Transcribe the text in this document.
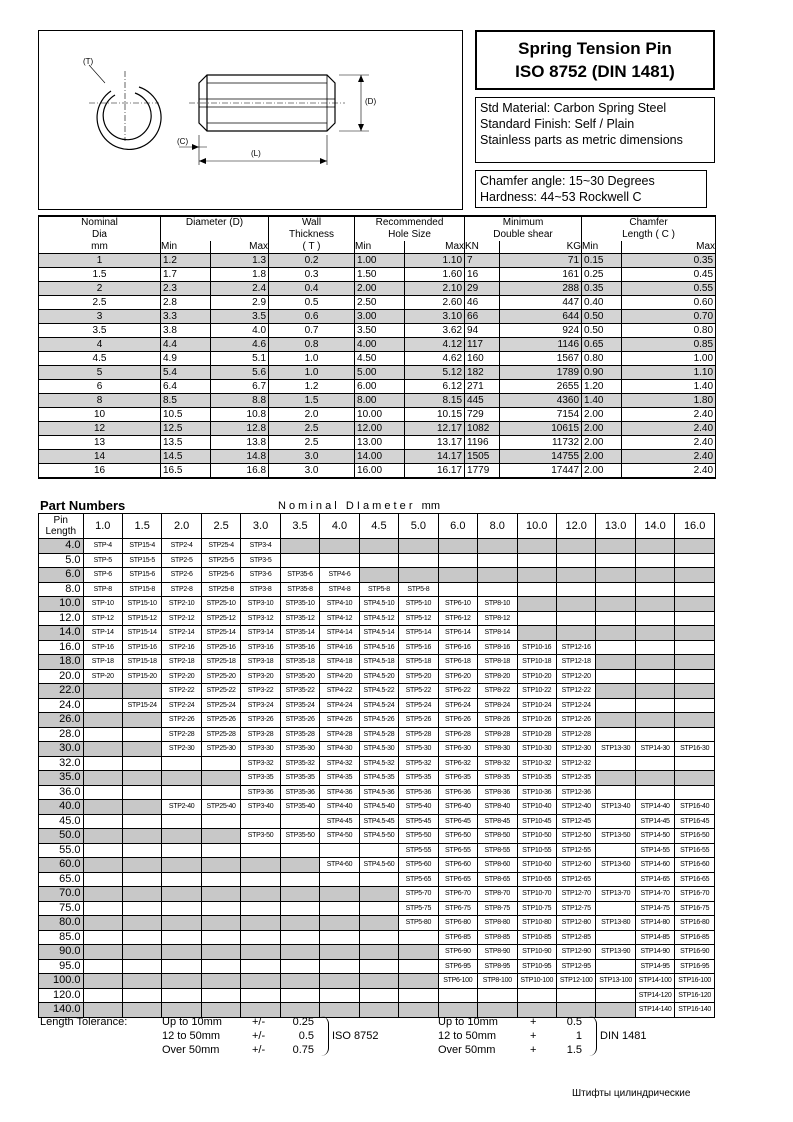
(T)
(C)
(L)
(D)
Spring Tension Pin
ISO 8752 (DIN 1481)
Std Material: Carbon Spring Steel
Standard Finish: Self / Plain
Stainless parts as metric dimensions
Chamfer angle: 15~30 Degrees
Hardness: 44~53 Rockwell C
Nominal	Diameter (D)		Wall	Recommended		Minimum		Chamfer	
Dia			Thickness	Hole Size		Double shear		Length ( C )	
mm	Min	Max	( T )	Min	Max	KN	KG	Min	Max
1	1.2	1.3	0.2	1.00	1.10	7	71	0.15	0.35
1.5	1.7	1.8	0.3	1.50	1.60	16	161	0.25	0.45
2	2.3	2.4	0.4	2.00	2.10	29	288	0.35	0.55
2.5	2.8	2.9	0.5	2.50	2.60	46	447	0.40	0.60
3	3.3	3.5	0.6	3.00	3.10	66	644	0.50	0.70
3.5	3.8	4.0	0.7	3.50	3.62	94	924	0.50	0.80
4	4.4	4.6	0.8	4.00	4.12	117	1146	0.65	0.85
4.5	4.9	5.1	1.0	4.50	4.62	160	1567	0.80	1.00
5	5.4	5.6	1.0	5.00	5.12	182	1789	0.90	1.10
6	6.4	6.7	1.2	6.00	6.12	271	2655	1.20	1.40
8	8.5	8.8	1.5	8.00	8.15	445	4360	1.40	1.80
10	10.5	10.8	2.0	10.00	10.15	729	7154	2.00	2.40
12	12.5	12.8	2.5	12.00	12.17	1082	10615	2.00	2.40
13	13.5	13.8	2.5	13.00	13.17	1196	11732	2.00	2.40
14	14.5	14.8	3.0	14.00	14.17	1505	14755	2.00	2.40
16	16.5	16.8	3.0	16.00	16.17	1779	17447	2.00	2.40
Part Numbers	N o m i n a l   D I a m e t e r   mm
Pin
Length	1.0	1.5	2.0	2.5	3.0	3.5	4.0	4.5	5.0	6.0	8.0	10.0	12.0	13.0	14.0	16.0
4.0	STP-4	STP15-4	STP2-4	STP25-4	STP3-4											
5.0	STP-5	STP15-5	STP2-5	STP25-5	STP3-5											
6.0	STP-6	STP15-6	STP2-6	STP25-6	STP3-6	STP35-6	STP4-6									
8.0	STP-8	STP15-8	STP2-8	STP25-8	STP3-8	STP35-8	STP4-8	STP5-8	STP5-8							
10.0	STP-10	STP15-10	STP2-10	STP25-10	STP3-10	STP35-10	STP4-10	STP4.5-10	STP5-10	STP6-10	STP8-10					
12.0	STP-12	STP15-12	STP2-12	STP25-12	STP3-12	STP35-12	STP4-12	STP4.5-12	STP5-12	STP6-12	STP8-12					
14.0	STP-14	STP15-14	STP2-14	STP25-14	STP3-14	STP35-14	STP4-14	STP4.5-14	STP5-14	STP6-14	STP8-14					
16.0	STP-16	STP15-16	STP2-16	STP25-16	STP3-16	STP35-16	STP4-16	STP4.5-16	STP5-16	STP6-16	STP8-16	STP10-16	STP12-16			
18.0	STP-18	STP15-18	STP2-18	STP25-18	STP3-18	STP35-18	STP4-18	STP4.5-18	STP5-18	STP6-18	STP8-18	STP10-18	STP12-18			
20.0	STP-20	STP15-20	STP2-20	STP25-20	STP3-20	STP35-20	STP4-20	STP4.5-20	STP5-20	STP6-20	STP8-20	STP10-20	STP12-20			
22.0			STP2-22	STP25-22	STP3-22	STP35-22	STP4-22	STP4.5-22	STP5-22	STP6-22	STP8-22	STP10-22	STP12-22			
24.0		STP15-24	STP2-24	STP25-24	STP3-24	STP35-24	STP4-24	STP4.5-24	STP5-24	STP6-24	STP8-24	STP10-24	STP12-24			
26.0			STP2-26	STP25-26	STP3-26	STP35-26	STP4-26	STP4.5-26	STP5-26	STP6-26	STP8-26	STP10-26	STP12-26			
28.0			STP2-28	STP25-28	STP3-28	STP35-28	STP4-28	STP4.5-28	STP5-28	STP6-28	STP8-28	STP10-28	STP12-28			
30.0			STP2-30	STP25-30	STP3-30	STP35-30	STP4-30	STP4.5-30	STP5-30	STP6-30	STP8-30	STP10-30	STP12-30	STP13-30	STP14-30	STP16-30
32.0					STP3-32	STP35-32	STP4-32	STP4.5-32	STP5-32	STP6-32	STP8-32	STP10-32	STP12-32			
35.0					STP3-35	STP35-35	STP4-35	STP4.5-35	STP5-35	STP6-35	STP8-35	STP10-35	STP12-35			
36.0					STP3-36	STP35-36	STP4-36	STP4.5-36	STP5-36	STP6-36	STP8-36	STP10-36	STP12-36			
40.0			STP2-40	STP25-40	STP3-40	STP35-40	STP4-40	STP4.5-40	STP5-40	STP6-40	STP8-40	STP10-40	STP12-40	STP13-40	STP14-40	STP16-40
45.0							STP4-45	STP4.5-45	STP5-45	STP6-45	STP8-45	STP10-45	STP12-45		STP14-45	STP16-45
50.0					STP3-50	STP35-50	STP4-50	STP4.5-50	STP5-50	STP6-50	STP8-50	STP10-50	STP12-50	STP13-50	STP14-50	STP16-50
55.0									STP5-55	STP6-55	STP8-55	STP10-55	STP12-55		STP14-55	STP16-55
60.0							STP4-60	STP4.5-60	STP5-60	STP6-60	STP8-60	STP10-60	STP12-60	STP13-60	STP14-60	STP16-60
65.0									STP5-65	STP6-65	STP8-65	STP10-65	STP12-65		STP14-65	STP16-65
70.0									STP5-70	STP6-70	STP8-70	STP10-70	STP12-70	STP13-70	STP14-70	STP16-70
75.0									STP5-75	STP6-75	STP8-75	STP10-75	STP12-75		STP14-75	STP16-75
80.0									STP5-80	STP6-80	STP8-80	STP10-80	STP12-80	STP13-80	STP14-80	STP16-80
85.0										STP6-85	STP8-85	STP10-85	STP12-85		STP14-85	STP16-85
90.0										STP6-90	STP8-90	STP10-90	STP12-90	STP13-90	STP14-90	STP16-90
95.0										STP6-95	STP8-95	STP10-95	STP12-95		STP14-95	STP16-95
100.0										STP6-100	STP8-100	STP10-100	STP12-100	STP13-100	STP14-100	STP16-100
120.0															STP14-120	STP16-120
140.0															STP14-140	STP16-140
Length Tolerance:	Up to 10mm	+/- 0.25
12 to 50mm	+/-	0.5
Over 50mm	+/- 0.75
ISO 8752
Up to 10mm	+	0.5
12 to 50mm	+	1
Over 50mm	+	1.5
DIN 1481
Штифты цилиндрические
